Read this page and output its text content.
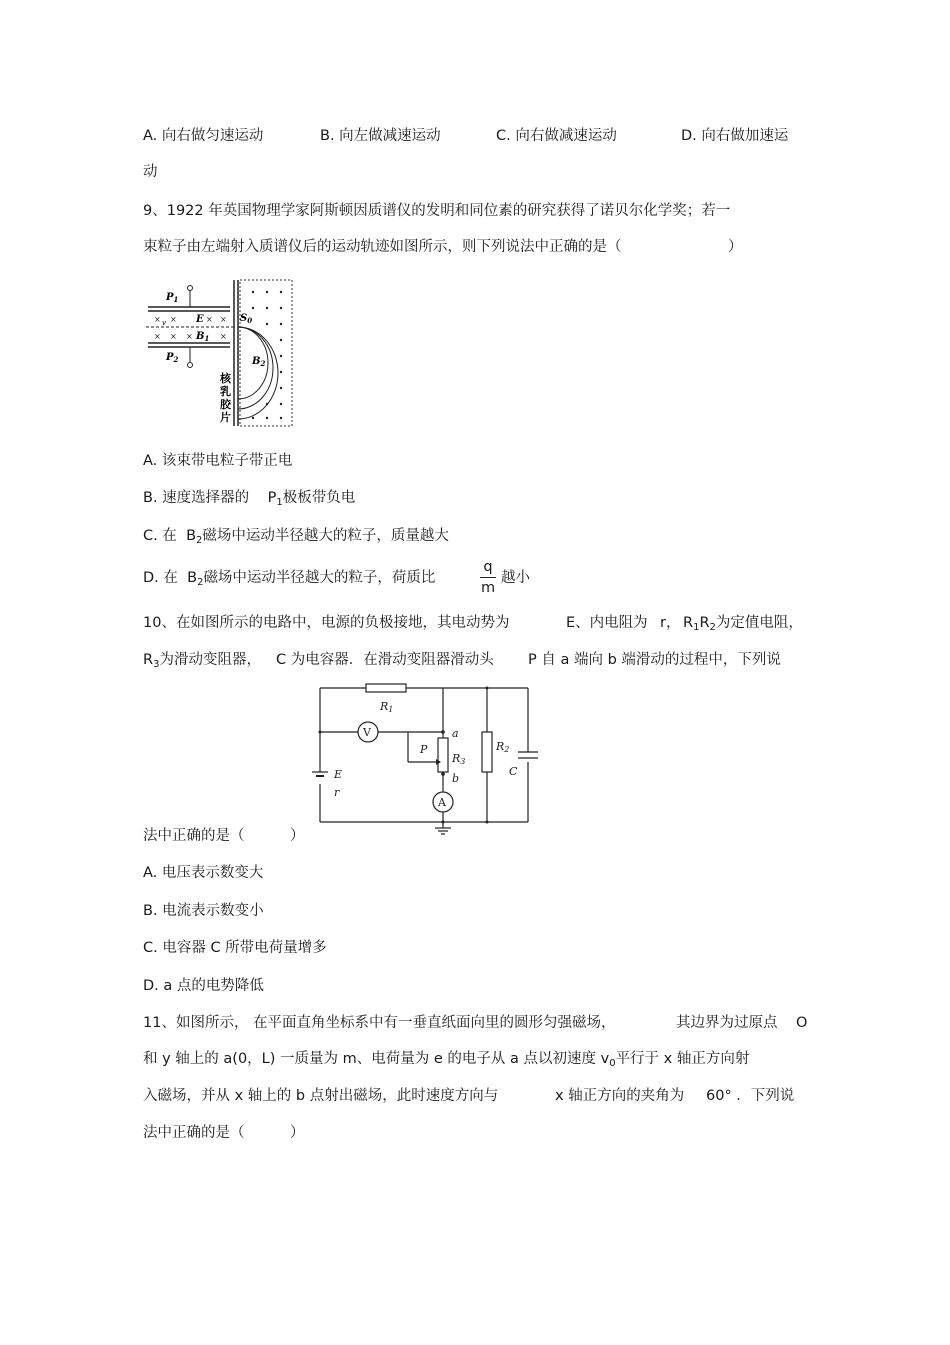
A. 向右做匀速运动	B. 向左做减速运动	C. 向右做减速运动	D. 向右做加速运
动
9、1922 年英国物理学家阿斯顿因质谱仪的发明和同位素的研究获得了诺贝尔化学奖；若一
束粒子由左端射入质谱仪后的运动轨迹如图所示，则下列说法中正确的是（	）
× ×	× ×
× × ×	×
$P_1$
$P_2$
E
$B_1$
v	$S_0$
$B_2$
核
乳
胶
片
A. 该束带电粒子带正电
B. 速度选择器的 $P_1$极板带负电
C. 在 $B_2$磁场中运动半径越大的粒子，质量越大
D. 在 $B_2$磁场中运动半径越大的粒子，荷质比
q
m
越小
10、在如图所示的电路中，电源的负极接地，其电动势为	E、内电阻为 r， $R_1R_2$为定值电阻，
$R_3$为滑动变阻器， C 为电容器．在滑动变阻器滑动头 P 自 a 端向 b 端滑动的过程中，下列说
R1
R2
R3
E
r
C
P
a
b
V
A
法中正确的是（	）
A. 电压表示数变大
B. 电流表示数变小
C. 电容器 C 所带电荷量增多
D. a 点的电势降低
11、如图所示， 在平面直角坐标系中有一垂直纸面向里的圆形匀强磁场，	其边界为过原点 O
和 y 轴上的 a(0，L) 一质量为 m、电荷量为 e 的电子从 a 点以初速度 $v_0$平行于 x 轴正方向射
入磁场，并从 x 轴上的 b 点射出磁场，此时速度方向与	x 轴正方向的夹角为 60° ．下列说
法中正确的是（	）
